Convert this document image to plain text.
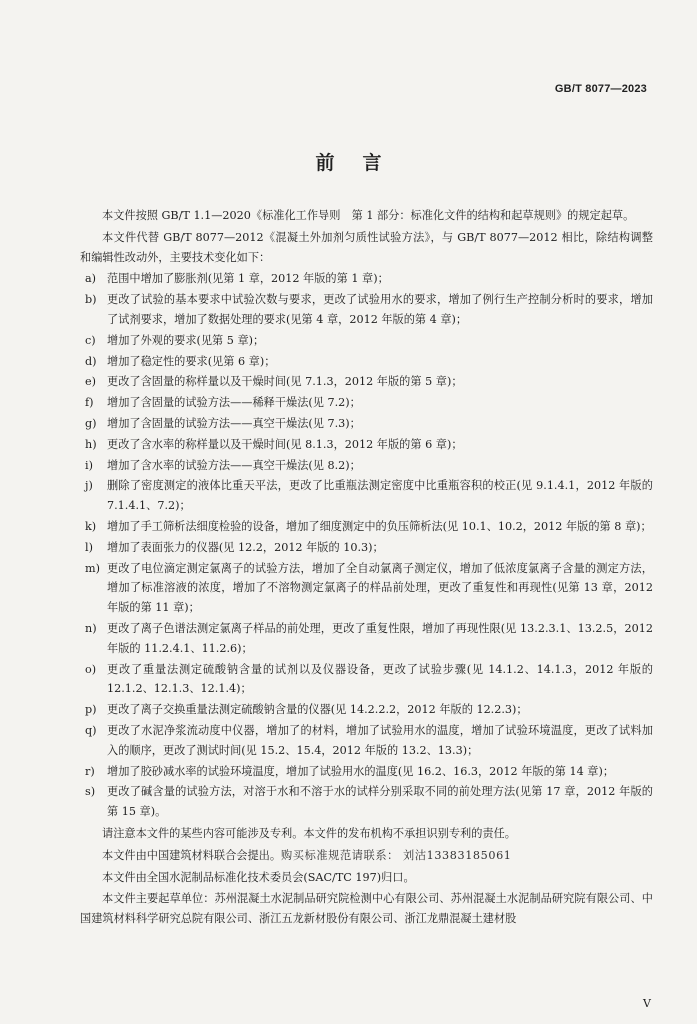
GB/T 8077—2023
前言

本文件按照 GB/T 1.1—2020《标准化工作导则　第 1 部分：标准化文件的结构和起草规则》的规定起草。

本文件代替 GB/T 8077—2012《混凝土外加剂匀质性试验方法》，与 GB/T 8077—2012 相比，除结构调整和编辑性改动外，主要技术变化如下：

a) 范围中增加了膨胀剂(见第 1 章，2012 年版的第 1 章)；
b) 更改了试验的基本要求中试验次数与要求，更改了试验用水的要求，增加了例行生产控制分析时的要求，增加了试剂要求，增加了数据处理的要求(见第 4 章，2012 年版的第 4 章)；
c)	增加了外观的要求(见第 5 章)；
d) 增加了稳定性的要求(见第 6 章)；
e) 更改了含固量的称样量以及干燥时间(见 7.1.3，2012 年版的第 5 章)；
f)	增加了含固量的试验方法——稀释干燥法(见 7.2)；
g) 增加了含固量的试验方法——真空干燥法(见 7.3)；
h) 更改了含水率的称样量以及干燥时间(见 8.1.3，2012 年版的第 6 章)；
i)	增加了含水率的试验方法——真空干燥法(见 8.2)；
j)	删除了密度测定的液体比重天平法，更改了比重瓶法测定密度中比重瓶容积的校正(见 9.1.4.1，2012 年版的 7.1.4.1、7.2)；
k) 增加了手工筛析法细度检验的设备，增加了细度测定中的负压筛析法(见 10.1、10.2，2012 年版的第 8 章)；
l)	增加了表面张力的仪器(见 12.2，2012 年版的 10.3)；
m) 更改了电位滴定测定氯离子的试验方法，增加了全自动氯离子测定仪，增加了低浓度氯离子含量的测定方法，增加了标准溶液的浓度，增加了不溶物测定氯离子的样品前处理，更改了重复性和再现性(见第 13 章，2012 年版的第 11 章)；
n) 更改了离子色谱法测定氯离子样品的前处理，更改了重复性限，增加了再现性限(见 13.2.3.1、13.2.5，2012 年版的 11.2.4.1、11.2.6)；
o) 更改了重量法测定硫酸钠含量的试剂以及仪器设备，更改了试验步骤(见 14.1.2、14.1.3，2012 年版的 12.1.2、12.1.3、12.1.4)；
p) 更改了离子交换重量法测定硫酸钠含量的仪器(见 14.2.2.2，2012 年版的 12.2.3)；
q) 更改了水泥净浆流动度中仪器，增加了的材料，增加了试验用水的温度，增加了试验环境温度，更改了试料加入的顺序，更改了测试时间(见 15.2、15.4，2012 年版的 13.2、13.3)；
r)	增加了胶砂减水率的试验环境温度，增加了试验用水的温度(见 16.2、16.3，2012 年版的第 14 章)；
s)	更改了碱含量的试验方法，对溶于水和不溶于水的试样分别采取不同的前处理方法(见第 17 章，2012 年版的第 15 章)。

请注意本文件的某些内容可能涉及专利。本文件的发布机构不承担识别专利的责任。

本文件由中国建筑材料联合会提出。购买标准规范请联系： 刘沽13383185061

本文件由全国水泥制品标准化技术委员会(SAC/TC 197)归口。

本文件主要起草单位：苏州混凝土水泥制品研究院检测中心有限公司、苏州混凝土水泥制品研究院有限公司、中国建筑材料科学研究总院有限公司、浙江五龙新材股份有限公司、浙江龙鼎混凝土建材股

V
